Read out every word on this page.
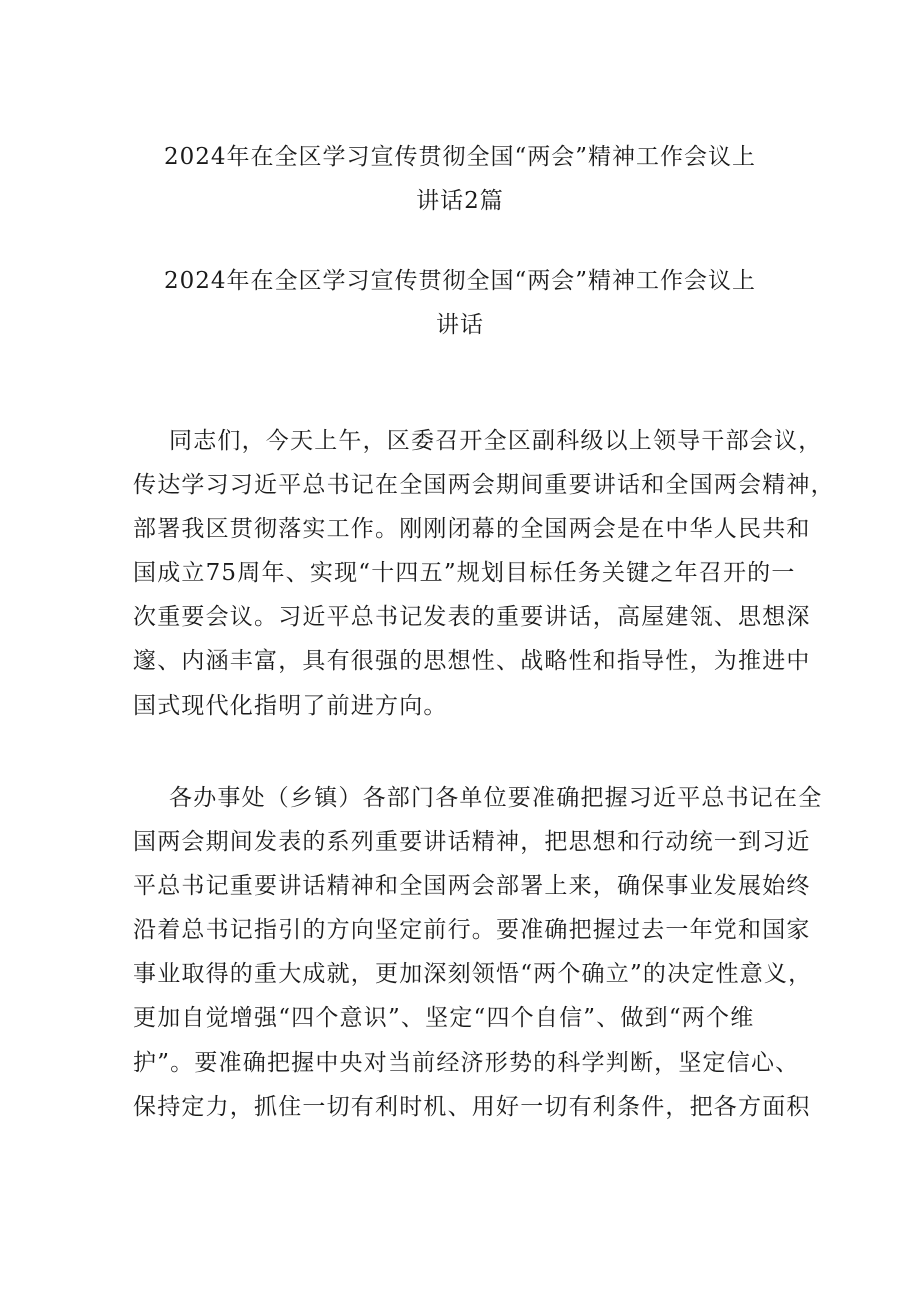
2024年在全区学习宣传贯彻全国“两会”精神工作会议上
讲话2篇
2024年在全区学习宣传贯彻全国“两会”精神工作会议上
讲话
同志们，今天上午，区委召开全区副科级以上领导干部会议，
传达学习习近平总书记在全国两会期间重要讲话和全国两会精神，
部署我区贯彻落实工作。刚刚闭幕的全国两会是在中华人民共和
国成立75周年、实现“十四五”规划目标任务关键之年召开的一
次重要会议。习近平总书记发表的重要讲话，高屋建瓴、思想深
邃、内涵丰富，具有很强的思想性、战略性和指导性，为推进中
国式现代化指明了前进方向。
各办事处（乡镇）各部门各单位要准确把握习近平总书记在全
国两会期间发表的系列重要讲话精神，把思想和行动统一到习近
平总书记重要讲话精神和全国两会部署上来，确保事业发展始终
沿着总书记指引的方向坚定前行。要准确把握过去一年党和国家
事业取得的重大成就，更加深刻领悟“两个确立”的决定性意义，
更加自觉增强“四个意识”、坚定“四个自信”、做到“两个维
护”。要准确把握中央对当前经济形势的科学判断，坚定信心、
保持定力，抓住一切有利时机、用好一切有利条件，把各方面积
